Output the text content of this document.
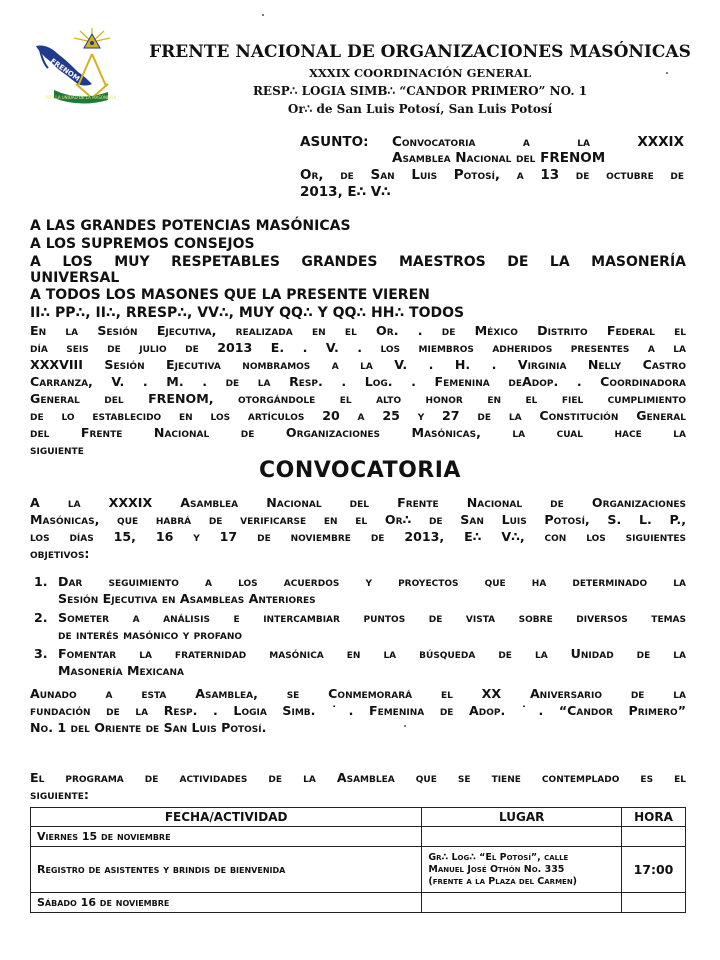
FRENOM
POR LA UNIDAD DE LA MASONERIA
FRENTE NACIONAL DE ORGANIZACIONES MASÓNICAS
XXXIX COORDINACIÓN GENERAL
RESP∴ LOGIA SIMB∴ “CANDOR PRIMERO” NO. 1
Or∴ de San Luis Potosí, San Luis Potosí
ASUNTO: Convocatoria a la XXXIX
Asamblea Nacional del FRENOM
Or, de San Luis Potosí, a 13 de octubre de
2013, E∴ V∴
A LAS GRANDES POTENCIAS MASÓNICAS
A LOS SUPREMOS CONSEJOS
A LOS MUY RESPETABLES GRANDES MAESTROS DE LA MASONERÍA
UNIVERSAL
A TODOS LOS MASONES QUE LA PRESENTE VIEREN
II∴ PP∴, II∴, RRESP∴, VV∴, MUY QQ∴ Y QQ∴ HH∴ TODOS
En la Sesión Ejecutiva, realizada en el Or. . de México Distrito Federal el
día seis de julio de 2013 E. . V. . los miembros adheridos presentes a la
XXXVIII Sesión Ejecutiva nombramos a la V. . H. . Virginia Nelly Castro
Carranza, V. . M. . de la Resp. . Log. . Femenina deAdop. . Coordinadora
General del FRENOM, otorgándole el alto honor en el fiel cumplimiento
de lo establecido en los artículos 20 a 25 y 27 de la Constitución General
del Frente Nacional de Organizaciones Masónicas, la cual hace la
siguiente
CONVOCATORIA
A la XXXIX Asamblea Nacional del Frente Nacional de Organizaciones
Masónicas, que habrá de verificarse en el Or∴ de San Luis Potosí, S. L. P.,
los días 15, 16 y 17 de noviembre de 2013, E∴ V∴, con los siguientes
objetivos:
1. Dar seguimiento a los acuerdos y proyectos que ha determinado la
Sesión Ejecutiva en Asambleas Anteriores
2. Someter a análisis e intercambiar puntos de vista sobre diversos temas
de interés masónico y profano
3. Fomentar la fraternidad masónica en la búsqueda de la Unidad de la
Masonería Mexicana
Aunado a esta Asamblea, se Conmemorará el XX Aniversario de la
fundación de la Resp. . Logia Simb. ˙. Femenina de Adop. ˙. “Candor Primero”
No. 1 del Oriente de San Luis Potosí.
El programa de actividades de la Asamblea que se tiene contemplado es el
siguiente:
FECHA/ACTIVIDAD	LUGAR	HORA
Viernes 15 de noviembre		
Registro de asistentes y brindis de bienvenida	Gr∴ Log∴ “El Potosí”, calle
Manuel José Othón No. 335
(frente a la Plaza del Carmen)	17:00
Sábado 16 de noviembre		
